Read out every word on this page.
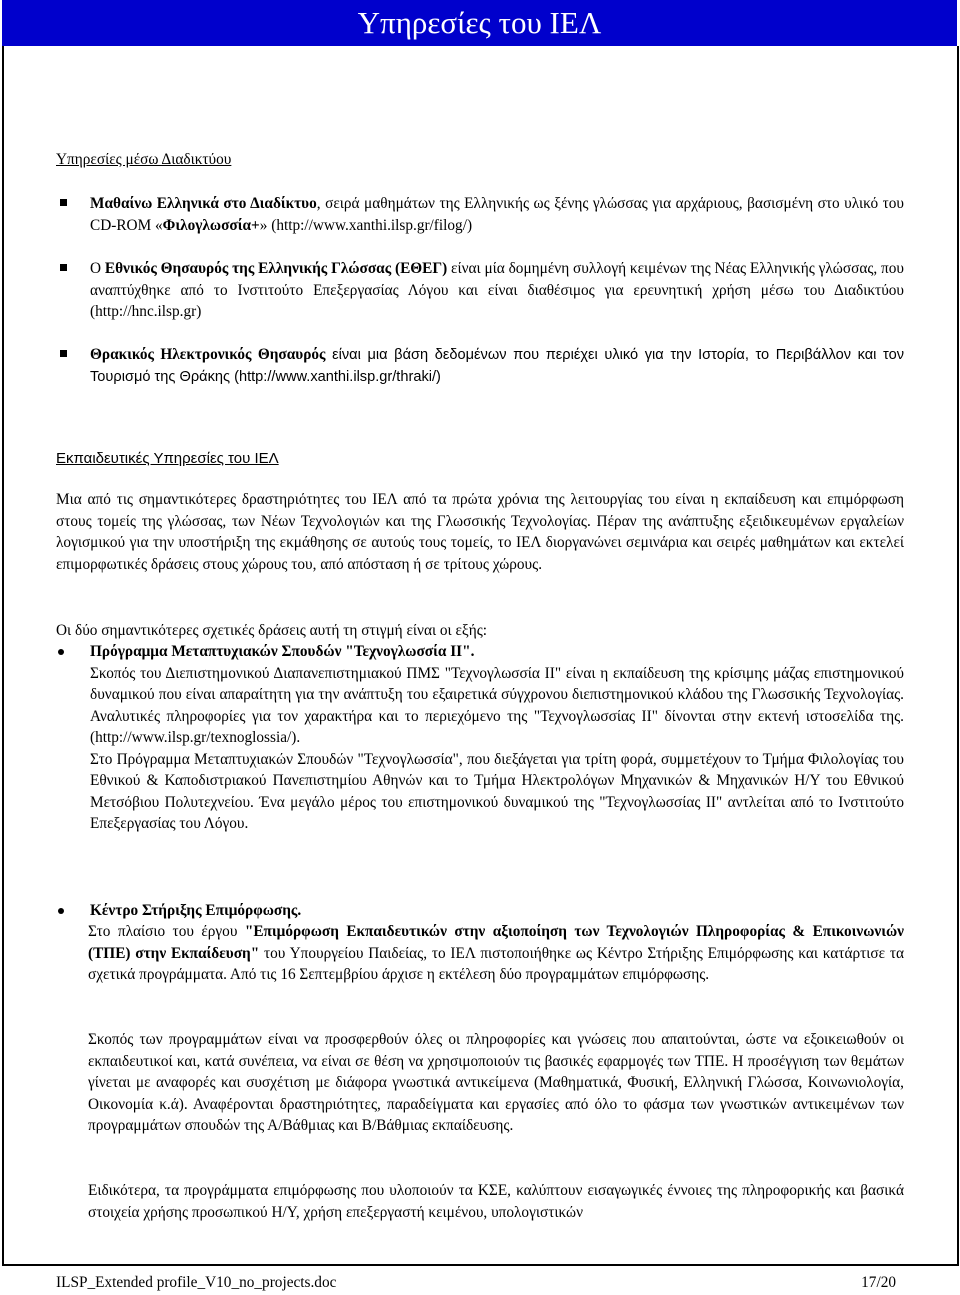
Υπηρεσίες του ΙΕΛ
Υπηρεσίες μέσω Διαδικτύου
Μαθαίνω Ελληνικά στο Διαδίκτυο, σειρά μαθημάτων της Ελληνικής ως ξένης γλώσσας για αρχάριους, βασισμένη στο υλικό του CD-ROM «Φιλογλωσσία+» (http://www.xanthi.ilsp.gr/filog/)
Ο Εθνικός Θησαυρός της Ελληνικής Γλώσσας (ΕΘΕΓ) είναι μία δομημένη συλλογή κειμένων της Νέας Ελληνικής γλώσσας, που αναπτύχθηκε από το Ινστιτούτο Επεξεργασίας Λόγου και είναι διαθέσιμος για ερευνητική χρήση μέσω του Διαδικτύου (http://hnc.ilsp.gr)
Θρακικός Ηλεκτρονικός Θησαυρός είναι μια βάση δεδομένων που περιέχει υλικό για την Ιστορία, το Περιβάλλον και τον Τουρισμό της Θράκης (http://www.xanthi.ilsp.gr/thraki/)
Εκπαιδευτικές Υπηρεσίες του ΙΕΛ
Μια από τις σημαντικότερες δραστηριότητες του ΙΕΛ από τα πρώτα χρόνια της λειτουργίας του είναι η εκπαίδευση και επιμόρφωση στους τομείς της γλώσσας, των Νέων Τεχνολογιών και της Γλωσσικής Τεχνολογίας. Πέραν της ανάπτυξης εξειδικευμένων εργαλείων λογισμικού για την υποστήριξη της εκμάθησης σε αυτούς τους τομείς, το ΙΕΛ διοργανώνει σεμινάρια και σειρές μαθημάτων και εκτελεί επιμορφωτικές δράσεις στους χώρους του, από απόσταση ή σε τρίτους χώρους.
Οι δύο σημαντικότερες σχετικές δράσεις αυτή τη στιγμή είναι οι εξής:
Πρόγραμμα Μεταπτυχιακών Σπουδών "Τεχνογλωσσία ΙΙ".
Σκοπός του Διεπιστημονικού Διαπανεπιστημιακού ΠΜΣ "Τεχνογλωσσία ΙΙ" είναι η εκπαίδευση της κρίσιμης μάζας επιστημονικού δυναμικού που είναι απαραίτητη για την ανάπτυξη του εξαιρετικά σύγχρονου διεπιστημονικού κλάδου της Γλωσσικής Τεχνολογίας. Αναλυτικές πληροφορίες για τον χαρακτήρα και το περιεχόμενο της "Τεχνογλωσσίας ΙΙ" δίνονται στην εκτενή ιστοσελίδα της. (http://www.ilsp.gr/texnoglossia/).
Στο Πρόγραμμα Μεταπτυχιακών Σπουδών "Τεχνογλωσσία", που διεξάγεται για τρίτη φορά, συμμετέχουν το Τμήμα Φιλολογίας του Εθνικού & Καποδιστριακού Πανεπιστημίου Αθηνών και το Τμήμα Ηλεκτρολόγων Μηχανικών & Μηχανικών Η/Υ του Εθνικού Μετσόβιου Πολυτεχνείου. Ένα μεγάλο μέρος του επιστημονικού δυναμικού της "Τεχνογλωσσίας ΙΙ" αντλείται από το Ινστιτούτο Επεξεργασίας του Λόγου.
Κέντρο Στήριξης Επιμόρφωσης.
Στο πλαίσιο του έργου "Επιμόρφωση Εκπαιδευτικών στην αξιοποίηση των Τεχνολογιών Πληροφορίας & Επικοινωνιών (ΤΠΕ) στην Εκπαίδευση" του Υπουργείου Παιδείας, το ΙΕΛ πιστοποιήθηκε ως Κέντρο Στήριξης Επιμόρφωσης και κατάρτισε τα σχετικά προγράμματα. Από τις 16 Σεπτεμβρίου άρχισε η εκτέλεση δύο προγραμμάτων επιμόρφωσης.
Σκοπός των προγραμμάτων είναι να προσφερθούν όλες οι πληροφορίες και γνώσεις που απαιτούνται, ώστε να εξοικειωθούν οι εκπαιδευτικοί και, κατά συνέπεια, να είναι σε θέση να χρησιμοποιούν τις βασικές εφαρμογές των ΤΠΕ. Η προσέγγιση των θεμάτων γίνεται με αναφορές και συσχέτιση με διάφορα γνωστικά αντικείμενα (Μαθηματικά, Φυσική, Ελληνική Γλώσσα, Κοινωνιολογία, Οικονομία κ.ά). Αναφέρονται δραστηριότητες, παραδείγματα και εργασίες από όλο το φάσμα των γνωστικών αντικειμένων των προγραμμάτων σπουδών της Α/Βάθμιας και Β/Βάθμιας εκπαίδευσης.
Ειδικότερα, τα προγράμματα επιμόρφωσης που υλοποιούν τα ΚΣΕ, καλύπτουν εισαγωγικές έννοιες της πληροφορικής και βασικά στοιχεία χρήσης προσωπικού Η/Υ, χρήση επεξεργαστή κειμένου, υπολογιστικών
ILSP_Extended profile_V10_no_projects.doc	17/20
